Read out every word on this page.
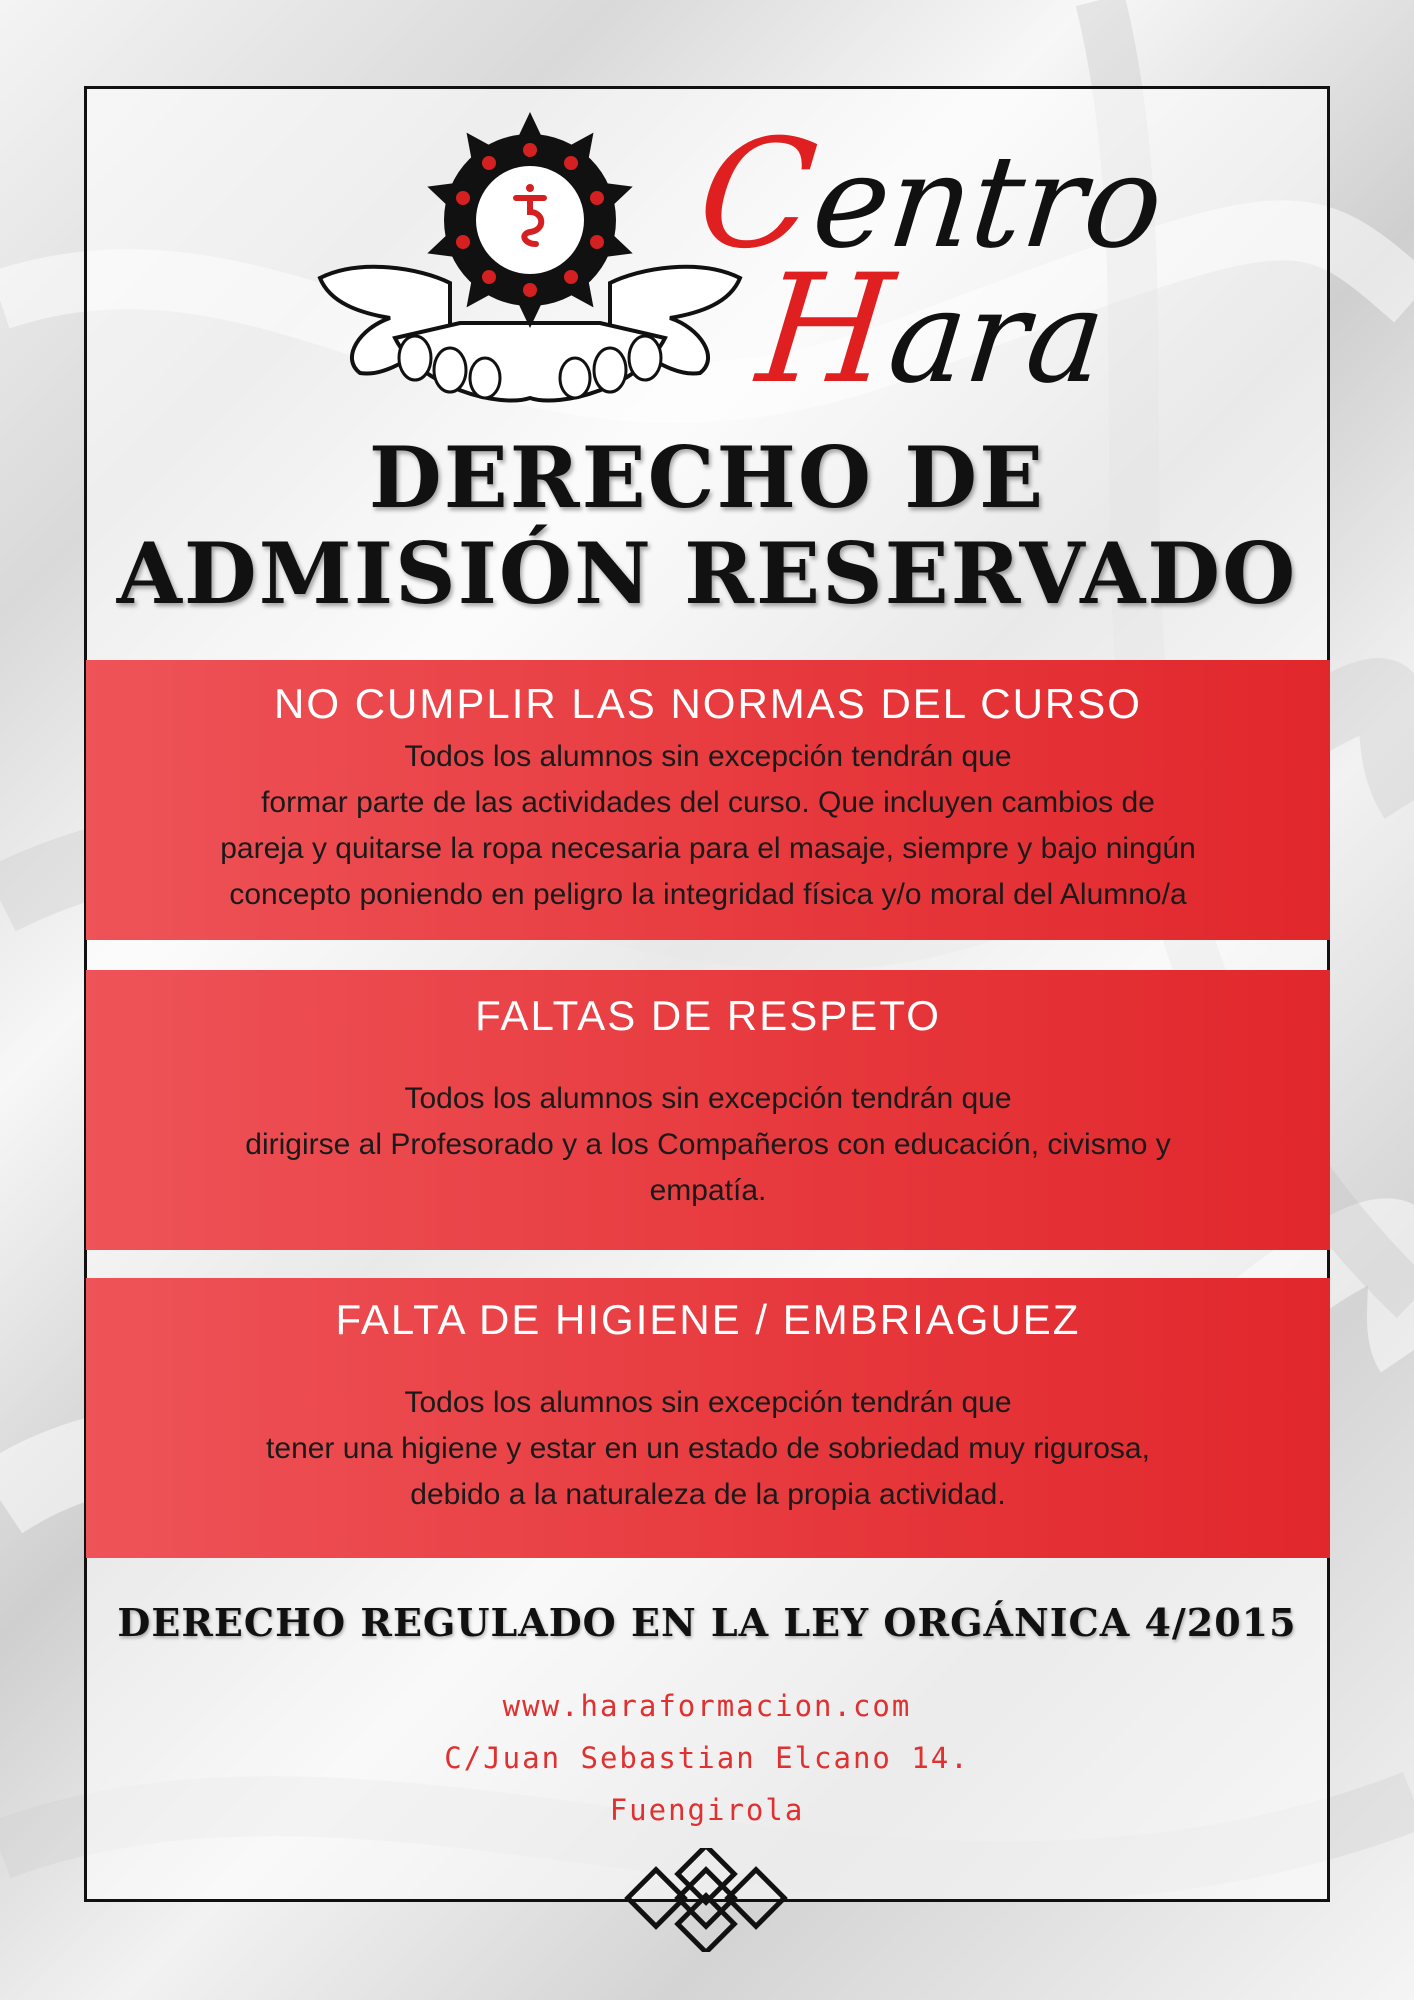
Centro
Hara
DERECHO DE
ADMISIÓN RESERVADO
NO CUMPLIR LAS NORMAS DEL CURSO
Todos los alumnos sin excepción tendrán que
formar parte de las actividades del curso. Que incluyen cambios de
pareja y quitarse la ropa necesaria para el masaje, siempre y bajo ningún
concepto poniendo en peligro la integridad física y/o moral del Alumno/a
FALTAS DE RESPETO
Todos los alumnos sin excepción tendrán que
dirigirse al Profesorado y a los Compañeros con educación, civismo y
empatía.
FALTA DE HIGIENE / EMBRIAGUEZ
Todos los alumnos sin excepción tendrán que
tener una higiene y estar en un estado de sobriedad muy rigurosa,
debido a la naturaleza de la propia actividad.
DERECHO REGULADO EN LA LEY ORGÁNICA 4/2015
www.haraformacion.com
C/Juan Sebastian Elcano 14.
Fuengirola
